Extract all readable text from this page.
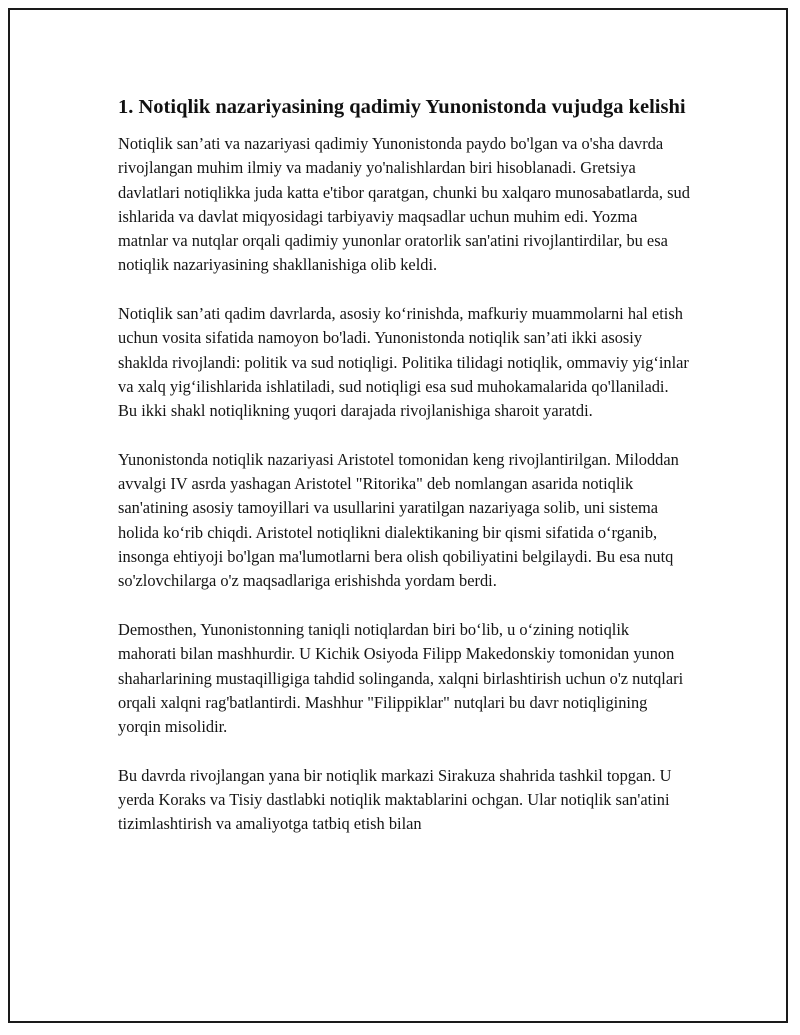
1. Notiqlik nazariyasining qadimiy Yunonistonda vujudga kelishi

Notiqlik san’ati va nazariyasi qadimiy Yunonistonda paydo bo'lgan va o'sha davrda rivojlangan muhim ilmiy va madaniy yo'nalishlardan biri hisoblanadi. Gretsiya davlatlari notiqlikka juda katta e'tibor qaratgan, chunki bu xalqaro munosabatlarda, sud ishlarida va davlat miqyosidagi tarbiyaviy maqsadlar uchun muhim edi. Yozma matnlar va nutqlar orqali qadimiy yunonlar oratorlik san'atini rivojlantirdilar, bu esa notiqlik nazariyasining shakllanishiga olib keldi.

Notiqlik san’ati qadim davrlarda, asosiy ko‘rinishda, mafkuriy muammolarni hal etish uchun vosita sifatida namoyon bo'ladi. Yunonistonda notiqlik san’ati ikki asosiy shaklda rivojlandi: politik va sud notiqligi. Politika tilidagi notiqlik, ommaviy yig‘inlar va xalq yig‘ilishlarida ishlatiladi, sud notiqligi esa sud muhokamalarida qo'llaniladi. Bu ikki shakl notiqlikning yuqori darajada rivojlanishiga sharoit yaratdi.

Yunonistonda notiqlik nazariyasi Aristotel tomonidan keng rivojlantirilgan. Miloddan avvalgi IV asrda yashagan Aristotel "Ritorika" deb nomlangan asarida notiqlik san'atining asosiy tamoyillari va usullarini yaratilgan nazariyaga solib, uni sistema holida ko‘rib chiqdi. Aristotel notiqlikni dialektikaning bir qismi sifatida o‘rganib, insonga ehtiyoji bo'lgan ma'lumotlarni bera olish qobiliyatini belgilaydi. Bu esa nutq so'zlovchilarga o'z maqsadlariga erishishda yordam berdi.

Demosthen, Yunonistonning taniqli notiqlardan biri bo‘lib, u o‘zining notiqlik mahorati bilan mashhurdir. U Kichik Osiyoda Filipp Makedonskiy tomonidan yunon shaharlarining mustaqilligiga tahdid solinganda, xalqni birlashtirish uchun o'z nutqlari orqali xalqni rag'batlantirdi. Mashhur "Filippiklar" nutqlari bu davr notiqligining yorqin misolidir.

Bu davrda rivojlangan yana bir notiqlik markazi Sirakuza shahrida tashkil topgan. U yerda Koraks va Tisiy dastlabki notiqlik maktablarini ochgan. Ular notiqlik san'atini tizimlashtirish va amaliyotga tatbiq etish bilan
